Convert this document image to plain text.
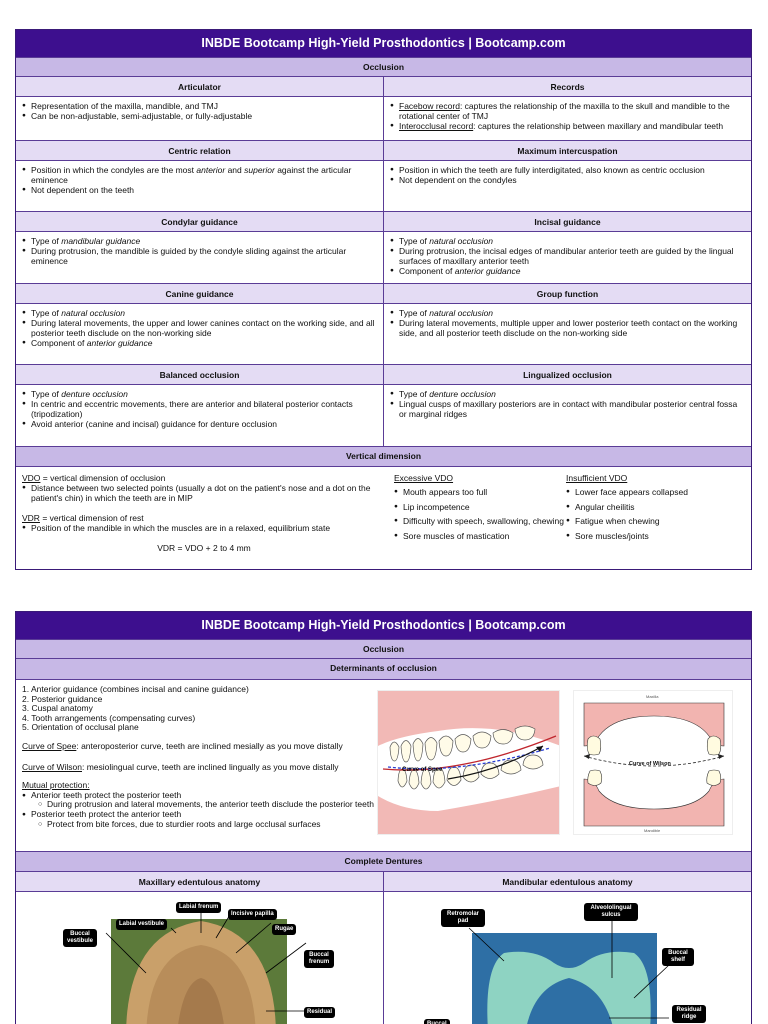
INBDE Bootcamp High-Yield Prosthodontics | Bootcamp.com
Occlusion
Articulator
● Representation of the maxilla, mandible, and TMJ
● Can be non-adjustable, semi-adjustable, or fully-adjustable
Records
● Facebow record: captures the relationship of the maxilla to the skull and mandible to the rotational center of TMJ
● Interocclusal record: captures the relationship between maxillary and mandibular teeth
Centric relation
● Position in which the condyles are the most anterior and superior against the articular eminence
● Not dependent on the teeth
Maximum intercuspation
● Position in which the teeth are fully interdigitated, also known as centric occlusion
● Not dependent on the condyles
Condylar guidance
● Type of mandibular guidance
● During protrusion, the mandible is guided by the condyle sliding against the articular eminence
Incisal guidance
● Type of natural occlusion
● During protrusion, the incisal edges of mandibular anterior teeth are guided by the lingual surfaces of maxillary anterior teeth
● Component of anterior guidance
Canine guidance
● Type of natural occlusion
● During lateral movements, the upper and lower canines contact on the working side, and all posterior teeth disclude on the non-working side
● Component of anterior guidance
Group function
● Type of natural occlusion
● During lateral movements, multiple upper and lower posterior teeth contact on the working side, and all posterior teeth disclude on the non-working side
Balanced occlusion
● Type of denture occlusion
● In centric and eccentric movements, there are anterior and bilateral posterior contacts (tripodization)
● Avoid anterior (canine and incisal) guidance for denture occlusion
Lingualized occlusion
● Type of denture occlusion
● Lingual cusps of maxillary posteriors are in contact with mandibular posterior central fossa or marginal ridges
Vertical dimension
VDO = vertical dimension of occlusion
● Distance between two selected points (usually a dot on the patient's nose and a dot on the patient's chin) in which the teeth are in MIP
VDR = vertical dimension of rest
● Position of the mandible in which the muscles are in a relaxed, equilibrium state
VDR = VDO + 2 to 4 mm
Excessive VDO
● Mouth appears too full
● Lip incompetence
● Difficulty with speech, swallowing, chewing
● Sore muscles of mastication
Insufficient VDO
● Lower face appears collapsed
● Angular cheilitis
● Fatigue when chewing
● Sore muscles/joints
INBDE Bootcamp High-Yield Prosthodontics | Bootcamp.com
Occlusion
Determinants of occlusion
1. Anterior guidance (combines incisal and canine guidance)
2. Posterior guidance
3. Cuspal anatomy
4. Tooth arrangements (compensating curves)
5. Orientation of occlusal plane
Curve of Spee: anteroposterior curve, teeth are inclined mesially as you move distally
Curve of Wilson: mesiolingual curve, teeth are inclined lingually as you move distally
Mutual protection:
● Anterior teeth protect the posterior teeth
○ During protrusion and lateral movements, the anterior teeth disclude the posterior teeth
● Posterior teeth protect the anterior teeth
○ Protect from bite forces, due to sturdier roots and large occlusal surfaces
Curve of Spee
Curve of Wilson
Maxilla
Mandible
Complete Dentures
Maxillary edentulous anatomy
Labial frenum
Incisive papilla
Labial vestibule
Buccal vestibule
Rugae
Buccal frenum
Residual
Mandibular edentulous anatomy
Retromolar pad
Alveololingual sulcus
Buccal shelf
Residual ridge
Buccal
